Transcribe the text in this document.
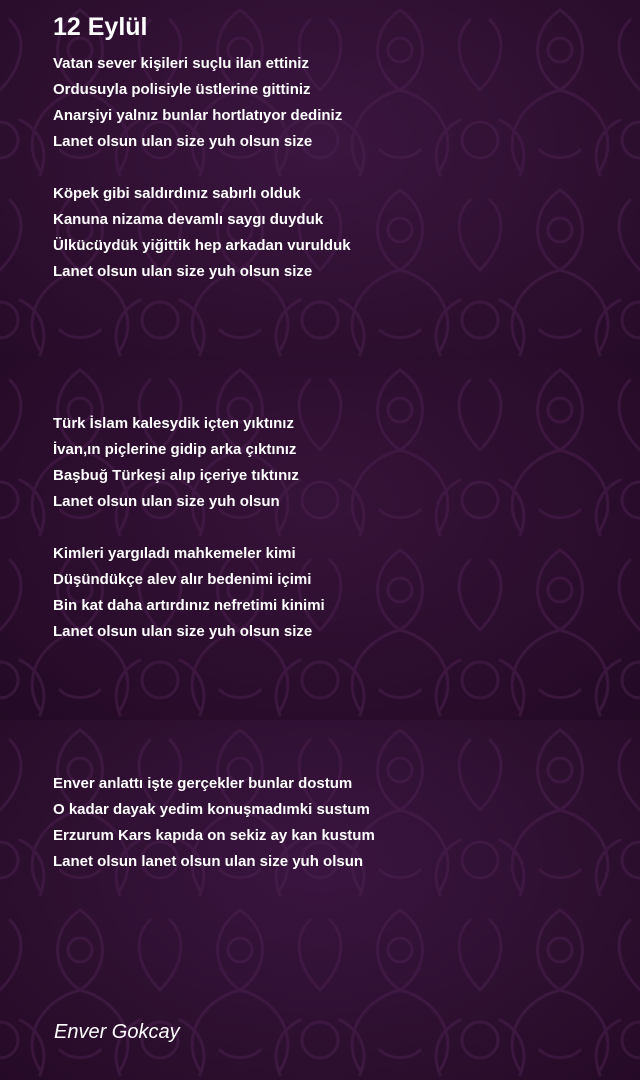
12 Eylül
Vatan sever kişileri suçlu ilan ettiniz
Ordusuyla polisiyle üstlerine gittiniz
Anarşiyi yalnız bunlar hortlatıyor dediniz
Lanet olsun ulan size yuh olsun size
Köpek gibi saldırdınız sabırlı olduk
Kanuna nizama devamlı saygı duyduk
Ülkücüydük yiğittik hep arkadan vurulduk
Lanet olsun ulan size yuh olsun size
Türk İslam kalesydik içten yıktınız
İvan,ın piçlerine gidip arka çıktınız
Başbuğ Türkeşi alıp içeriye tıktınız
Lanet olsun ulan size yuh olsun
Kimleri yargıladı mahkemeler kimi
Düşündükçe alev alır bedenimi içimi
Bin kat daha artırdınız nefretimi kinimi
Lanet olsun ulan size yuh olsun size
Enver anlattı işte gerçekler bunlar dostum
O kadar dayak yedim konuşmadımki sustum
Erzurum Kars kapıda on sekiz ay kan kustum
Lanet olsun lanet olsun ulan size yuh olsun

Enver Gokcay
